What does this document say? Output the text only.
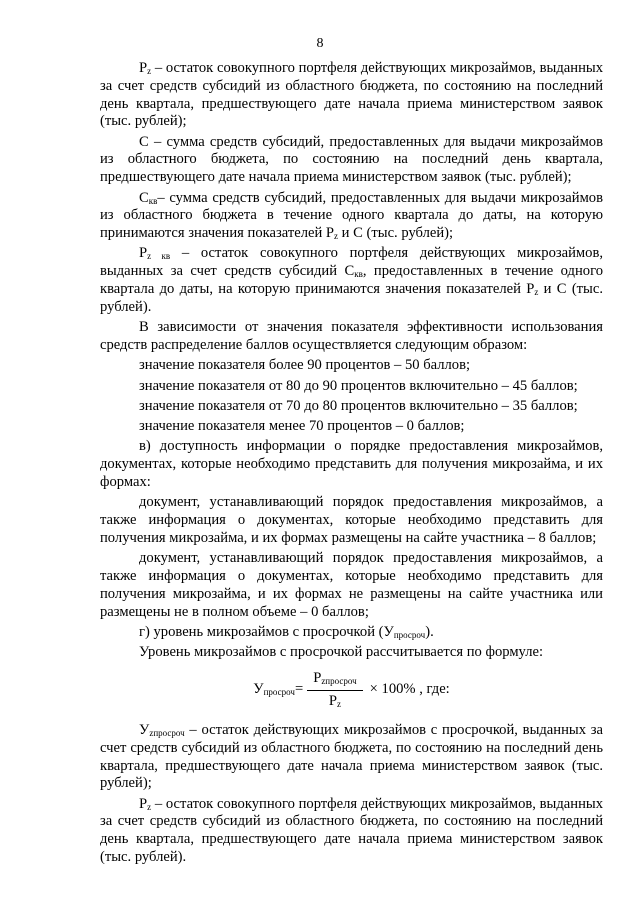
8

$P_z$ – остаток совокупного портфеля действующих микрозаймов, выданных за счет средств субсидий из областного бюджета, по состоянию на последний день квартала, предшествующего дате начала приема министерством заявок (тыс. рублей);

С – сумма средств субсидий, предоставленных для выдачи микрозаймов из областного бюджета, по состоянию на последний день квартала, предшествующего дате начала приема министерством заявок (тыс. рублей);

$С_{кв}-$ сумма средств субсидий, предоставленных для выдачи микрозаймов из областного бюджета в течение одного квартала до даты, на которую принимаются значения показателей $P_z$ и С (тыс. рублей);

$P_{z кв}$ – остаток совокупного портфеля действующих микрозаймов, выданных за счет средств субсидий $С_{кв}$, предоставленных в течение одного квартала до даты, на которую принимаются значения показателей $P_z$ и С (тыс. рублей).

В зависимости от значения показателя эффективности использования средств распределение баллов осуществляется следующим образом:

значение показателя более 90 процентов – 50 баллов;

значение показателя от 80 до 90 процентов включительно – 45 баллов;

значение показателя от 70 до 80 процентов включительно – 35 баллов;

значение показателя менее 70 процентов – 0 баллов;

в) доступность информации о порядке предоставления микрозаймов, документах, которые необходимо представить для получения микрозайма, и их формах:

документ, устанавливающий порядок предоставления микрозаймов, а также информация о документах, которые необходимо представить для получения микрозайма, и их формах размещены на сайте участника – 8 баллов;

документ, устанавливающий порядок предоставления микрозаймов, а также информация о документах, которые необходимо представить для получения микрозайма, и их формах не размещены на сайте участника или размещены не в полном объеме – 0 баллов;

г) уровень микрозаймов с просрочкой $(У_{просроч})$.

Уровень микрозаймов с просрочкой рассчитывается по формуле:

$У_{просроч} = \frac{P_{zпросроч}}{P_z} \times 100\%$ , где:

$У_{zпросроч}$ – остаток действующих микрозаймов с просрочкой, выданных за счет средств субсидий из областного бюджета, по состоянию на последний день квартала, предшествующего дате начала приема министерством заявок (тыс. рублей);

$P_z$ – остаток совокупного портфеля действующих микрозаймов, выданных за счет средств субсидий из областного бюджета, по состоянию на последний день квартала, предшествующего дате начала приема министерством заявок (тыс. рублей).
